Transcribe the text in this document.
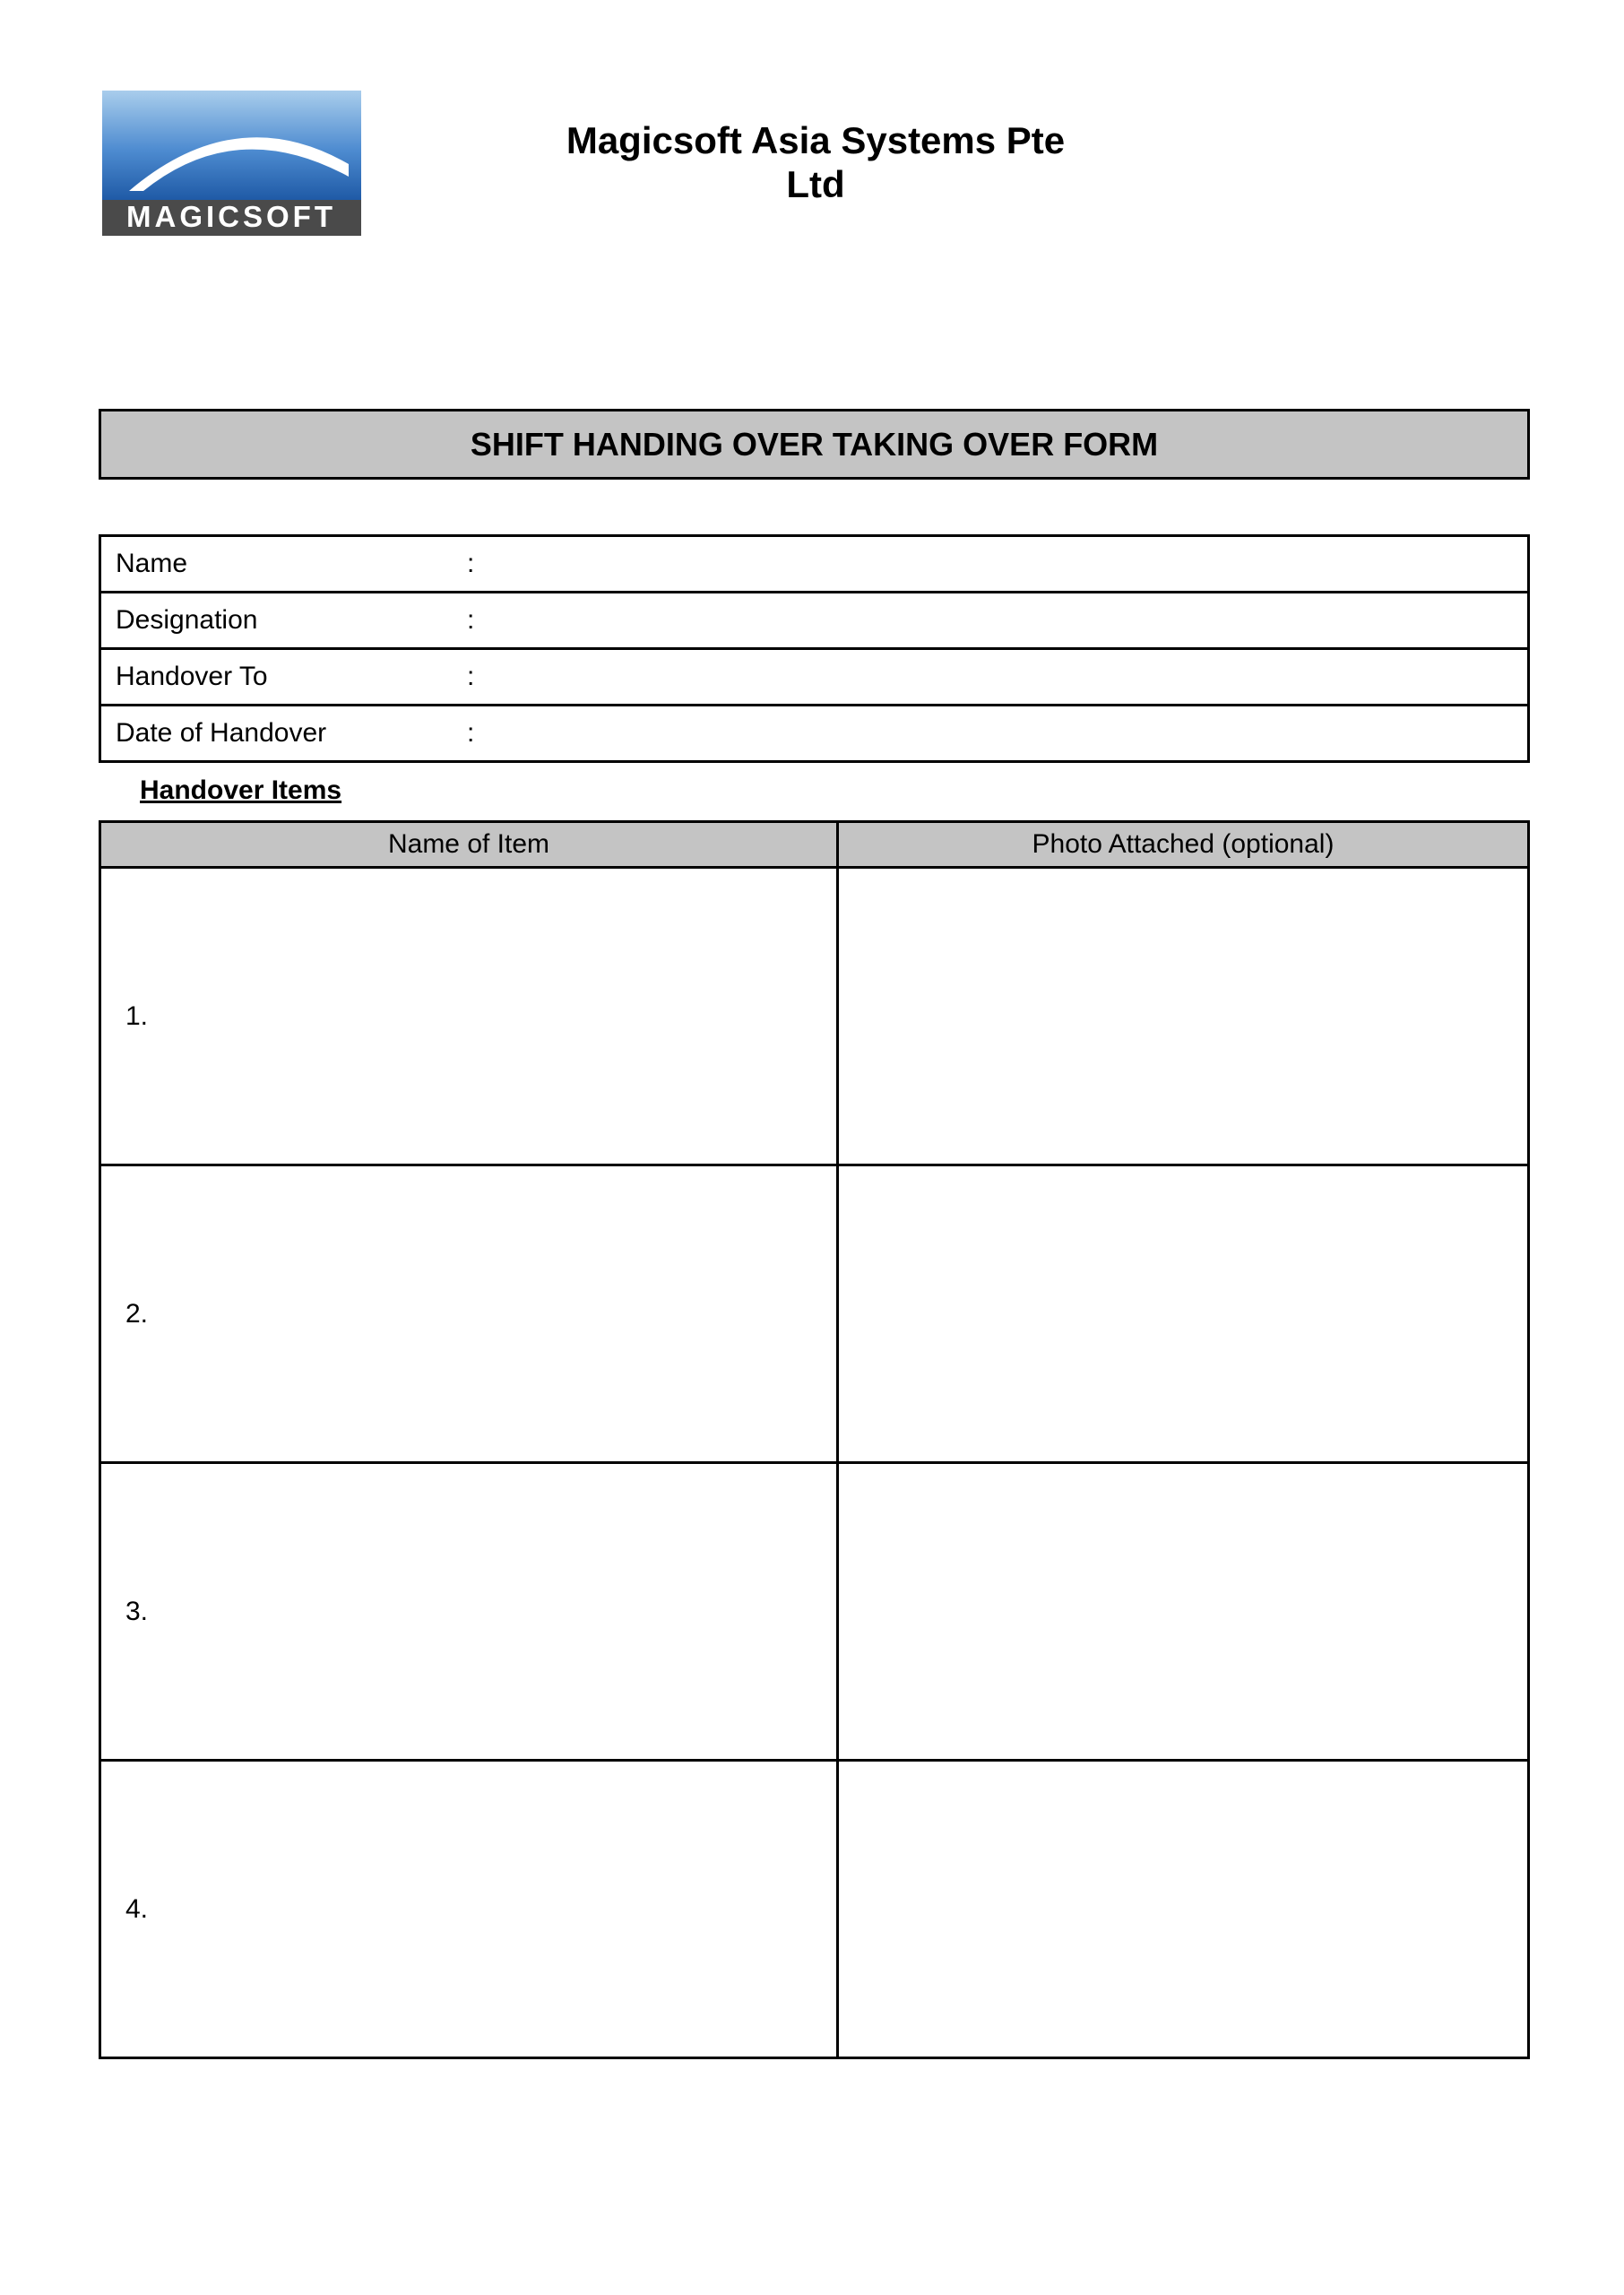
MAGICSOFT
Magicsoft Asia Systems Pte
Ltd
SHIFT HANDING OVER TAKING OVER FORM
Name	:
Designation	:
Handover To	:
Date of Handover	:
Handover Items
Name of Item	Photo Attached (optional)
1.
2.
3.
4.
